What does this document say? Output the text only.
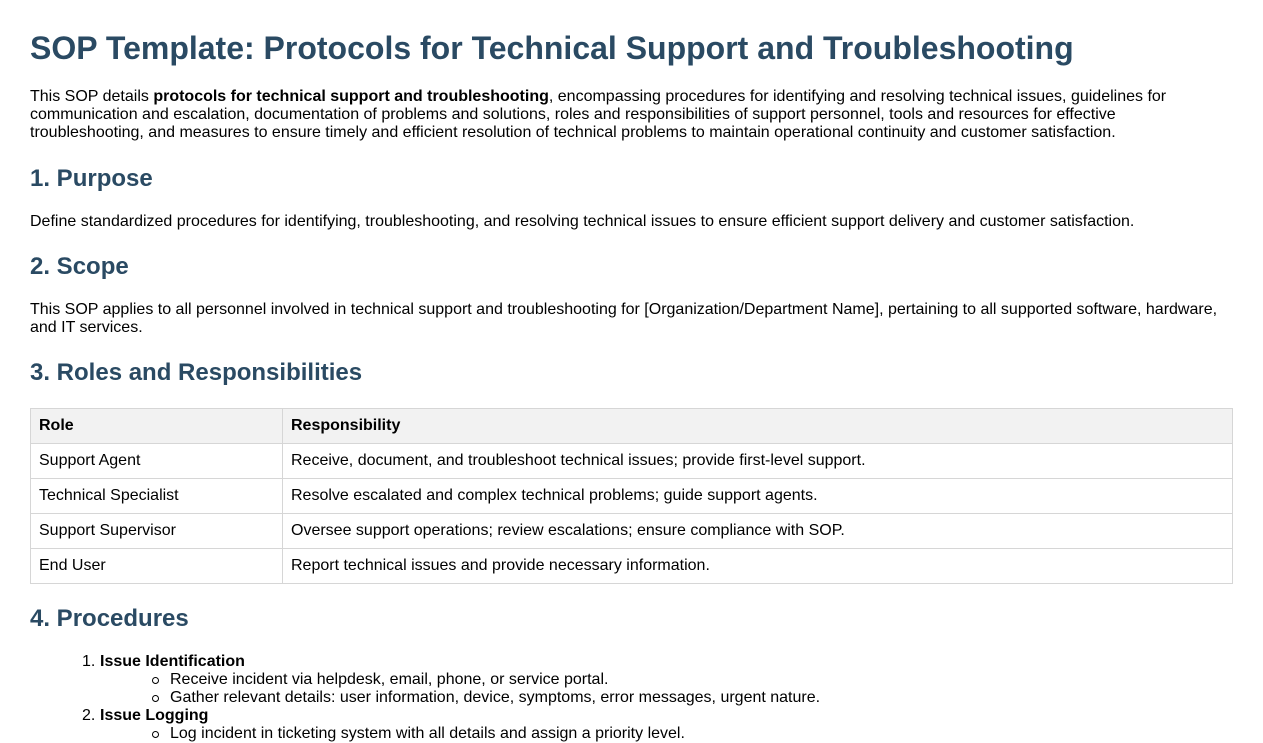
SOP Template: Protocols for Technical Support and Troubleshooting

This SOP details protocols for technical support and troubleshooting, encompassing procedures for identifying and resolving technical issues, guidelines for communication and escalation, documentation of problems and solutions, roles and responsibilities of support personnel, tools and resources for effective troubleshooting, and measures to ensure timely and efficient resolution of technical problems to maintain operational continuity and customer satisfaction.

1. Purpose

Define standardized procedures for identifying, troubleshooting, and resolving technical issues to ensure efficient support delivery and customer satisfaction.

2. Scope

This SOP applies to all personnel involved in technical support and troubleshooting for [Organization/Department Name], pertaining to all supported software, hardware, and IT services.

3. Roles and Responsibilities
Role	Responsibility
Support Agent	Receive, document, and troubleshoot technical issues; provide first-level support.
Technical Specialist	Resolve escalated and complex technical problems; guide support agents.
Support Supervisor	Oversee support operations; review escalations; ensure compliance with SOP.
End User	Report technical issues and provide necessary information.
4. Procedures
1. Issue Identification
Receive incident via helpdesk, email, phone, or service portal.
Gather relevant details: user information, device, symptoms, error messages, urgent nature.
2. Issue Logging
Log incident in ticketing system with all details and assign a priority level.
